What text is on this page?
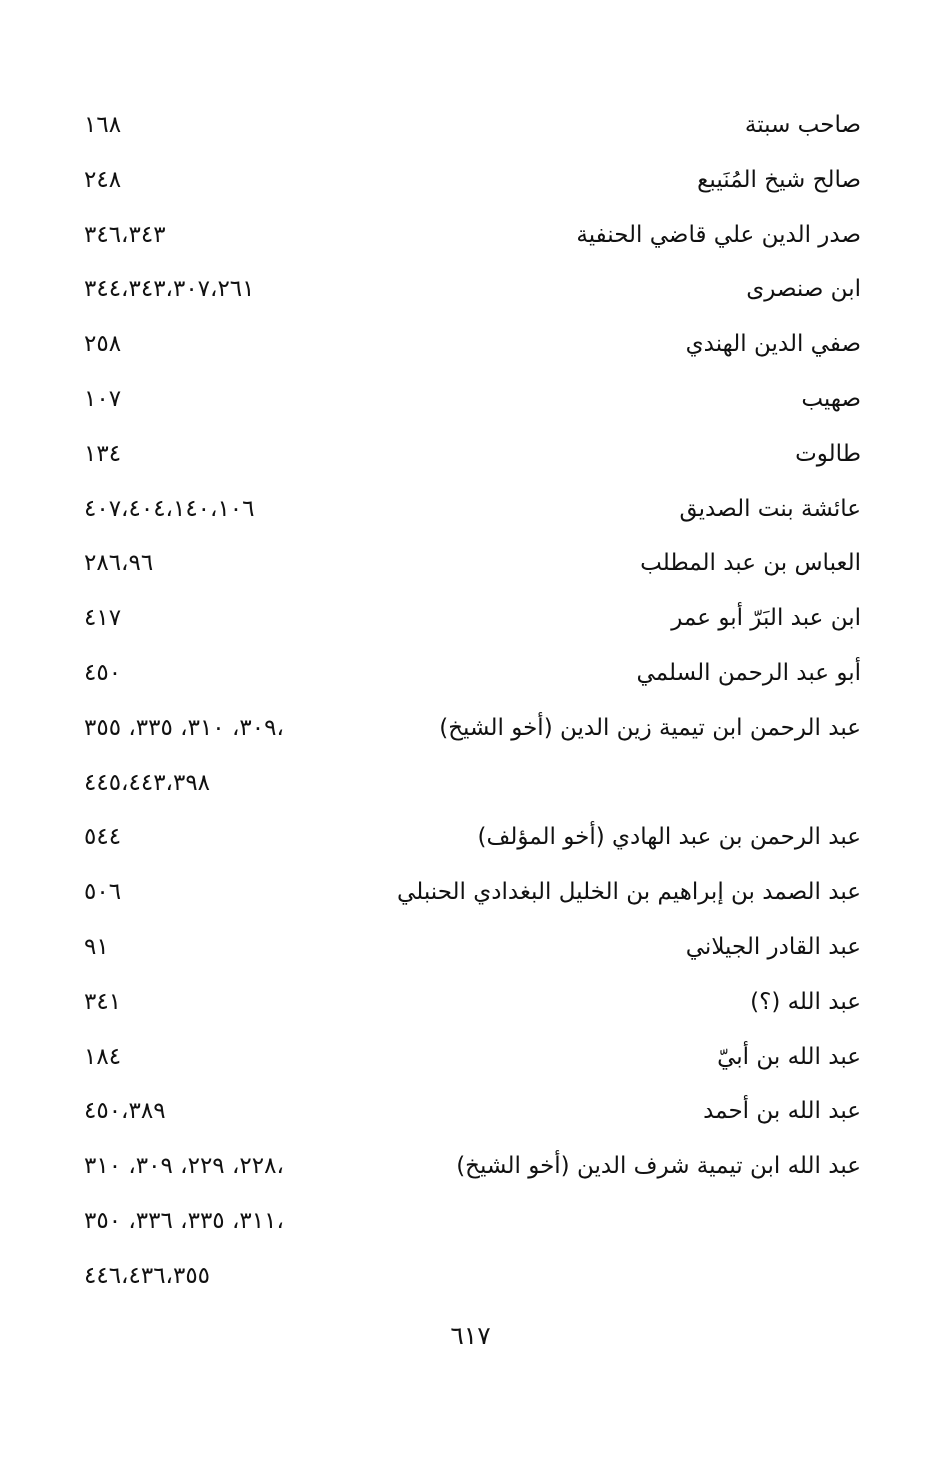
صاحب سبتة
١٦٨
صالح شيخ المُنَيبع
٢٤٨
صدر الدين علي قاضي الحنفية
٣٤٦،٣٤٣
ابن صنصرى
٣٤٤،٣٤٣،٣٠٧،٢٦١
صفي الدين الهندي
٢٥٨
صهيب
١٠٧
طالوت
١٣٤
عائشة بنت الصديق
٤٠٧،٤٠٤،١٤٠،١٠٦
العباس بن عبد المطلب
٢٨٦،٩٦
ابن عبد البَرّ أبو عمر
٤١٧
أبو عبد الرحمن السلمي
٤٥٠
عبد الرحمن ابن تيمية زين الدين (أخو الشيخ)
٣٠٩، ٣١٠، ٣٣٥، ٣٥٥،
٤٤٥،٤٤٣،٣٩٨
عبد الرحمن بن عبد الهادي (أخو المؤلف)
٥٤٤
عبد الصمد بن إبراهيم بن الخليل البغدادي الحنبلي
٥٠٦
عبد القادر الجيلاني
٩١
عبد الله (؟)
٣٤١
عبد الله بن أبيّ
١٨٤
عبد الله بن أحمد
٤٥٠،٣٨٩
عبد الله ابن تيمية شرف الدين (أخو الشيخ)
٢٢٨، ٢٢٩، ٣٠٩، ٣١٠،
٣١١، ٣٣٥، ٣٣٦، ٣٥٠،
٤٤٦،٤٣٦،٣٥٥
٦١٧
